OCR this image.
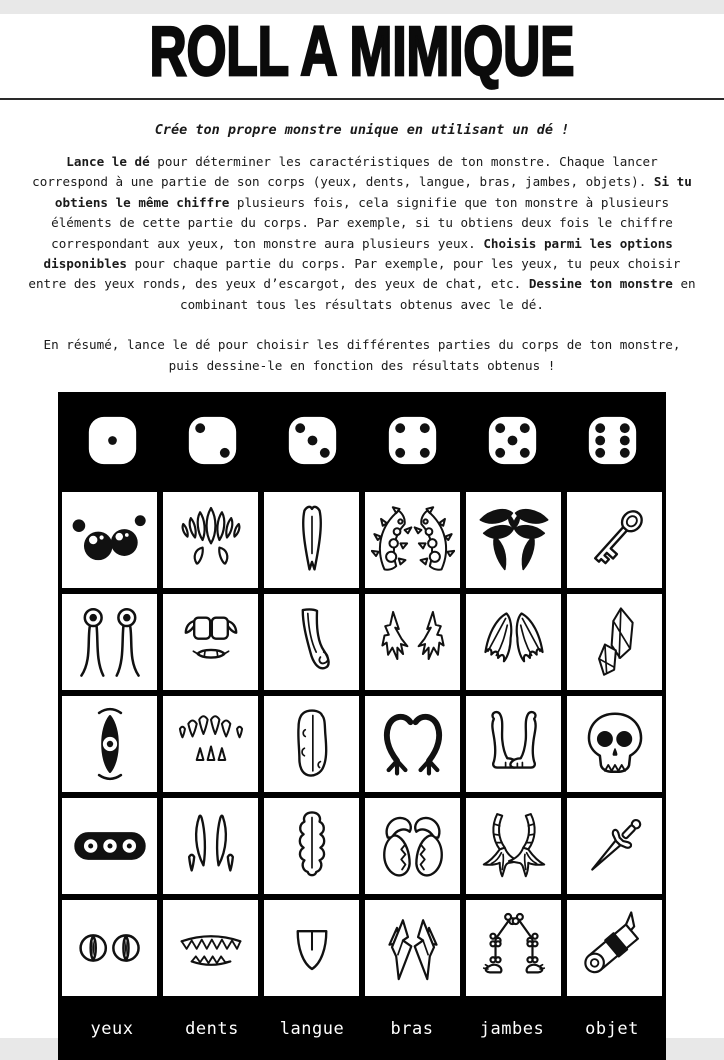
ROLL A MIMIQUE

Crée ton propre monstre unique en utilisant un dé !

Lance le dé pour déterminer les caractéristiques de ton monstre. Chaque lancer correspond à une partie de son corps (yeux, dents, langue, bras, jambes, objets). Si tu obtiens le même chiffre plusieurs fois, cela signifie que ton monstre à plusieurs éléments de cette partie du corps. Par exemple, si tu obtiens deux fois le chiffre correspondant aux yeux, ton monstre aura plusieurs yeux. Choisis parmi les options disponibles pour chaque partie du corps. Par exemple, pour les yeux, tu peux choisir entre des yeux ronds, des yeux d’escargot, des yeux de chat, etc. Dessine ton monstre en combinant tous les résultats obtenus avec le dé.

En résumé, lance le dé pour choisir les différentes parties du corps de ton monstre, puis dessine-le en fonction des résultats obtenus !

yeux	dents	langue	bras	jambes	objet
